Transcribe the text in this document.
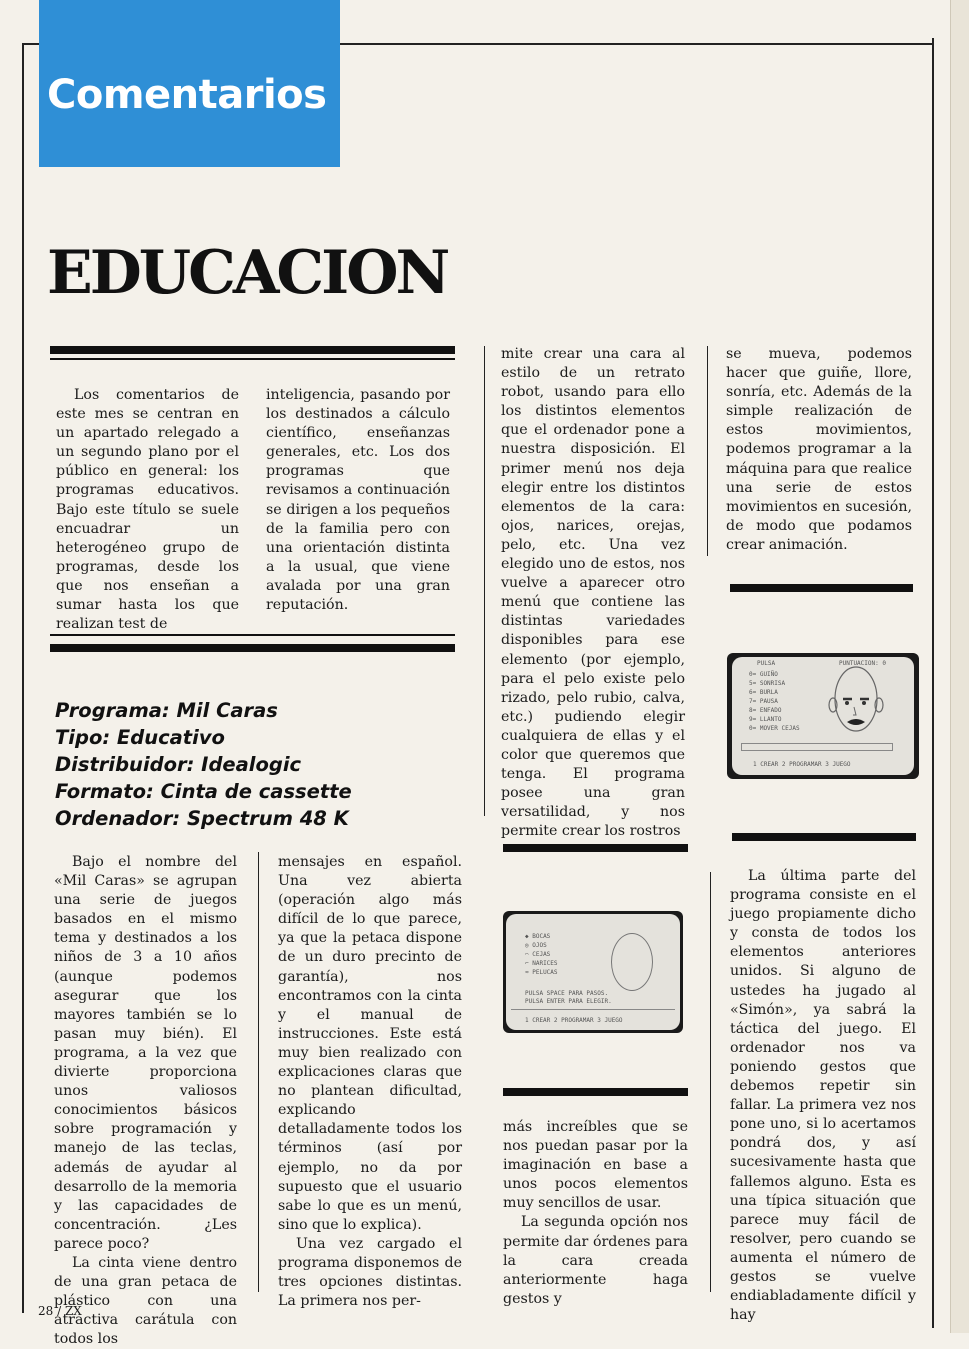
Comentarios
EDUCACION

Los comentarios de este mes se centran en un apartado relegado a un segundo plano por el público en general: los programas educativos. Bajo este título se suele encuadrar un heterogéneo grupo de programas, desde los que nos enseñan a sumar hasta los que realizan test de

inteligencia, pasando por los destinados a cálculo científico, enseñanzas generales, etc. Los dos programas que revisamos a continuación se dirigen a los pequeños de la familia pero con una orientación distinta a la usual, que viene avalada por una gran reputación.

Programa: Mil Caras
Tipo: Educativo
Distribuidor: Idealogic
Formato: Cinta de cassette
Ordenador: Spectrum 48 K

Bajo el nombre del «Mil Caras» se agrupan una serie de juegos basados en el mismo tema y destinados a los niños de 3 a 10 años (aunque podemos asegurar que los mayores también se lo pasan muy bién). El programa, a la vez que divierte proporciona unos valiosos conocimientos básicos sobre programación y manejo de las teclas, además de ayudar al desarrollo de la memoria y las capacidades de concentración. ¿Les parece poco?

La cinta viene dentro de una gran petaca de plástico con una atractiva carátula con todos los

mensajes en español. Una vez abierta (operación algo más difícil de lo que parece, ya que la petaca dispone de un duro precinto de garantía), nos encontramos con la cinta y el manual de instrucciones. Este está muy bien realizado con explicaciones claras que no plantean dificultad, explicando detalladamente todos los términos (así por ejemplo, no da por supuesto que el usuario sabe lo que es un menú, sino que lo explica).

Una vez cargado el programa disponemos de tres opciones distintas. La primera nos per-

mite crear una cara al estilo de un retrato robot, usando para ello los distintos elementos que el ordenador pone a nuestra disposición. El primer menú nos deja elegir entre los distintos elementos de la cara: ojos, narices, orejas, pelo, etc. Una vez elegido uno de estos, nos vuelve a aparecer otro menú que contiene las distintas variedades disponibles para ese elemento (por ejemplo, para el pelo existe pelo rizado, pelo rubio, calva, etc.) pudiendo elegir cualquiera de ellas y el color que queremos que tenga. El programa posee una gran versatilidad, y nos permite crear los rostros

◆ BOCAS
◎ OJOS
⌒ CEJAS
⌐ NARICES
≈ PELUCAS
PULSA SPACE PARA PASOS.
PULSA ENTER PARA ELEGIR.
1 CREAR 2 PROGRAMAR 3 JUEGO

más increíbles que se nos puedan pasar por la imaginación en base a unos pocos elementos muy sencillos de usar.

La segunda opción nos permite dar órdenes para la cara creada anteriormente haga gestos y

se mueva, podemos hacer que guiñe, llore, sonría, etc. Además de la simple realización de estos movimientos, podemos programar a la máquina para que realice una serie de estos movimientos en sucesión, de modo que podamos crear animación.

PULSA	PUNTUACION: 0
0= GUIÑO
5= SONRISA
6= BURLA
7= PAUSA
8= ENFADO
9= LLANTO
0= MOVER CEJAS
1 CREAR 2 PROGRAMAR 3 JUEGO

La última parte del programa consiste en el juego propiamente dicho y consta de todos los elementos anteriores unidos. Si alguno de ustedes ha jugado al «Simón», ya sabrá la táctica del juego. El ordenador nos va poniendo gestos que debemos repetir sin fallar. La primera vez nos pone uno, si lo acertamos pondrá dos, y así sucesivamente hasta que fallemos alguno. Esta es una típica situación que parece muy fácil de resolver, pero cuando se aumenta el número de gestos se vuelve endiabladamente difícil y hay

28 / ZX
